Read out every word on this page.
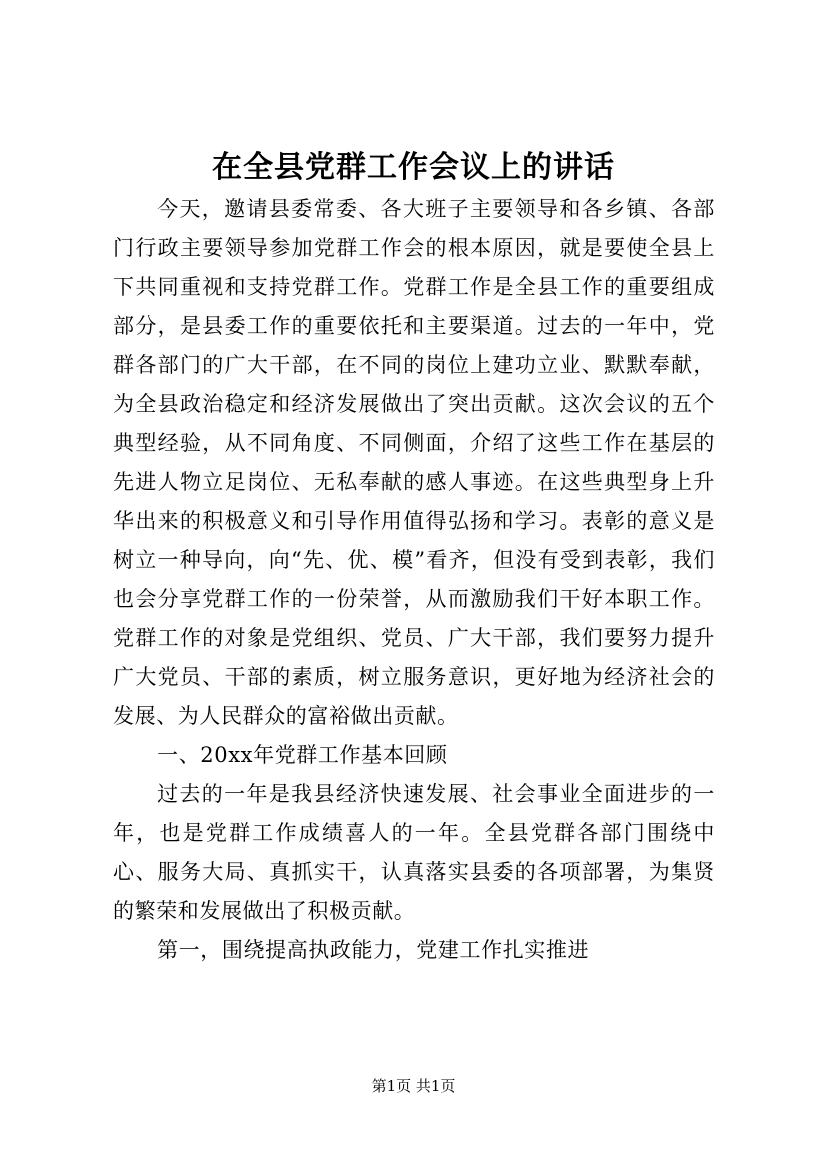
在全县党群工作会议上的讲话

今天，邀请县委常委、各大班子主要领导和各乡镇、各部门行政主要领导参加党群工作会的根本原因，就是要使全县上下共同重视和支持党群工作。党群工作是全县工作的重要组成部分，是县委工作的重要依托和主要渠道。过去的一年中，党群各部门的广大干部，在不同的岗位上建功立业、默默奉献，为全县政治稳定和经济发展做出了突出贡献。这次会议的五个典型经验，从不同角度、不同侧面，介绍了这些工作在基层的先进人物立足岗位、无私奉献的感人事迹。在这些典型身上升华出来的积极意义和引导作用值得弘扬和学习。表彰的意义是树立一种导向，向“先、优、模”看齐，但没有受到表彰，我们也会分享党群工作的一份荣誉，从而激励我们干好本职工作。党群工作的对象是党组织、党员、广大干部，我们要努力提升广大党员、干部的素质，树立服务意识，更好地为经济社会的发展、为人民群众的富裕做出贡献。

一、20xx年党群工作基本回顾

过去的一年是我县经济快速发展、社会事业全面进步的一年，也是党群工作成绩喜人的一年。全县党群各部门围绕中心、服务大局、真抓实干，认真落实县委的各项部署，为集贤的繁荣和发展做出了积极贡献。

第一，围绕提高执政能力，党建工作扎实推进

第1页 共1页
